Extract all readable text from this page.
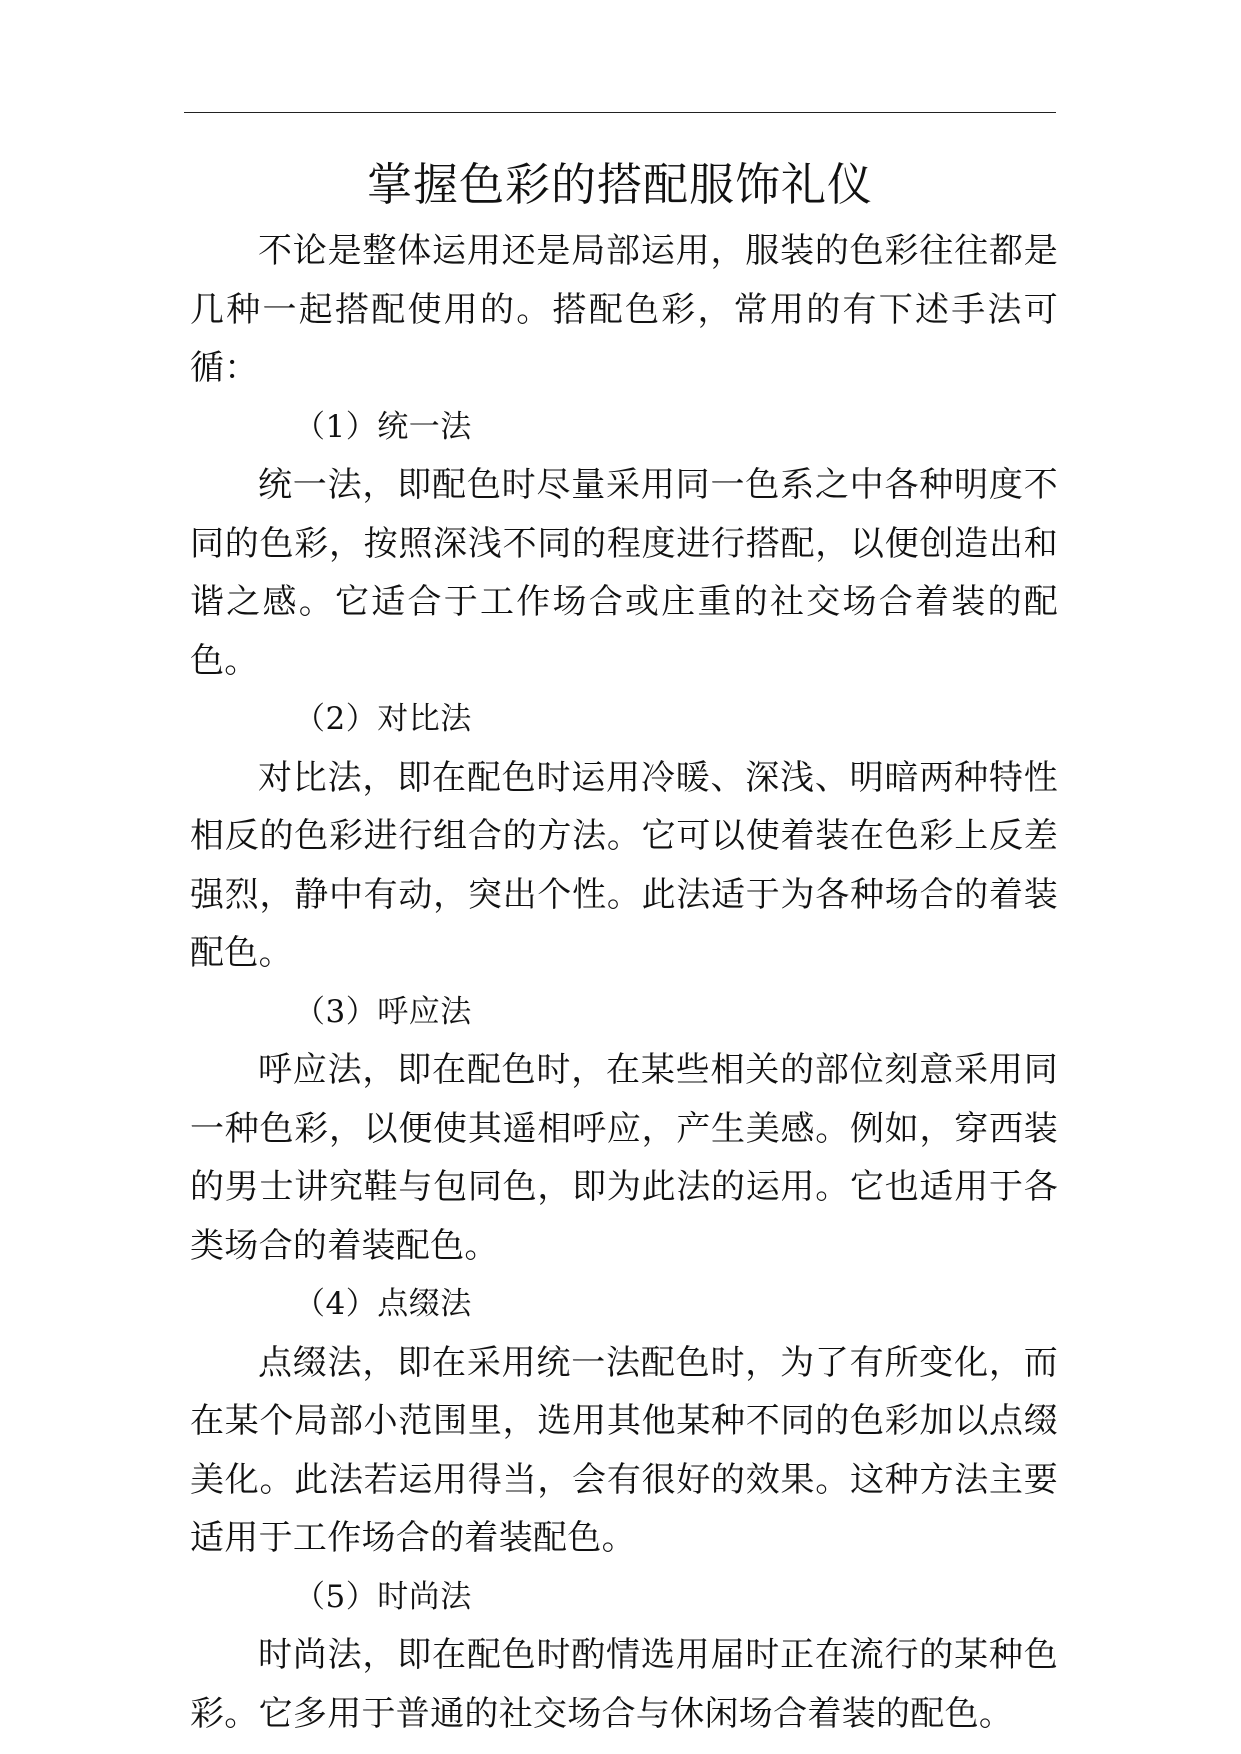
掌握色彩的搭配服饰礼仪

不论是整体运用还是局部运用，服装的色彩往往都是几种一起搭配使用的。搭配色彩，常用的有下述手法可循：

（1）统一法

统一法，即配色时尽量采用同一色系之中各种明度不同的色彩，按照深浅不同的程度进行搭配，以便创造出和谐之感。它适合于工作场合或庄重的社交场合着装的配色。

（2）对比法

对比法，即在配色时运用冷暖、深浅、明暗两种特性相反的色彩进行组合的方法。它可以使着装在色彩上反差强烈，静中有动，突出个性。此法适于为各种场合的着装配色。

（3）呼应法

呼应法，即在配色时，在某些相关的部位刻意采用同一种色彩，以便使其遥相呼应，产生美感。例如，穿西装的男士讲究鞋与包同色，即为此法的运用。它也适用于各类场合的着装配色。

（4）点缀法

点缀法，即在采用统一法配色时，为了有所变化，而在某个局部小范围里，选用其他某种不同的色彩加以点缀美化。此法若运用得当，会有很好的效果。这种方法主要适用于工作场合的着装配色。

（5）时尚法

时尚法，即在配色时酌情选用届时正在流行的某种色彩。它多用于普通的社交场合与休闲场合着装的配色。
